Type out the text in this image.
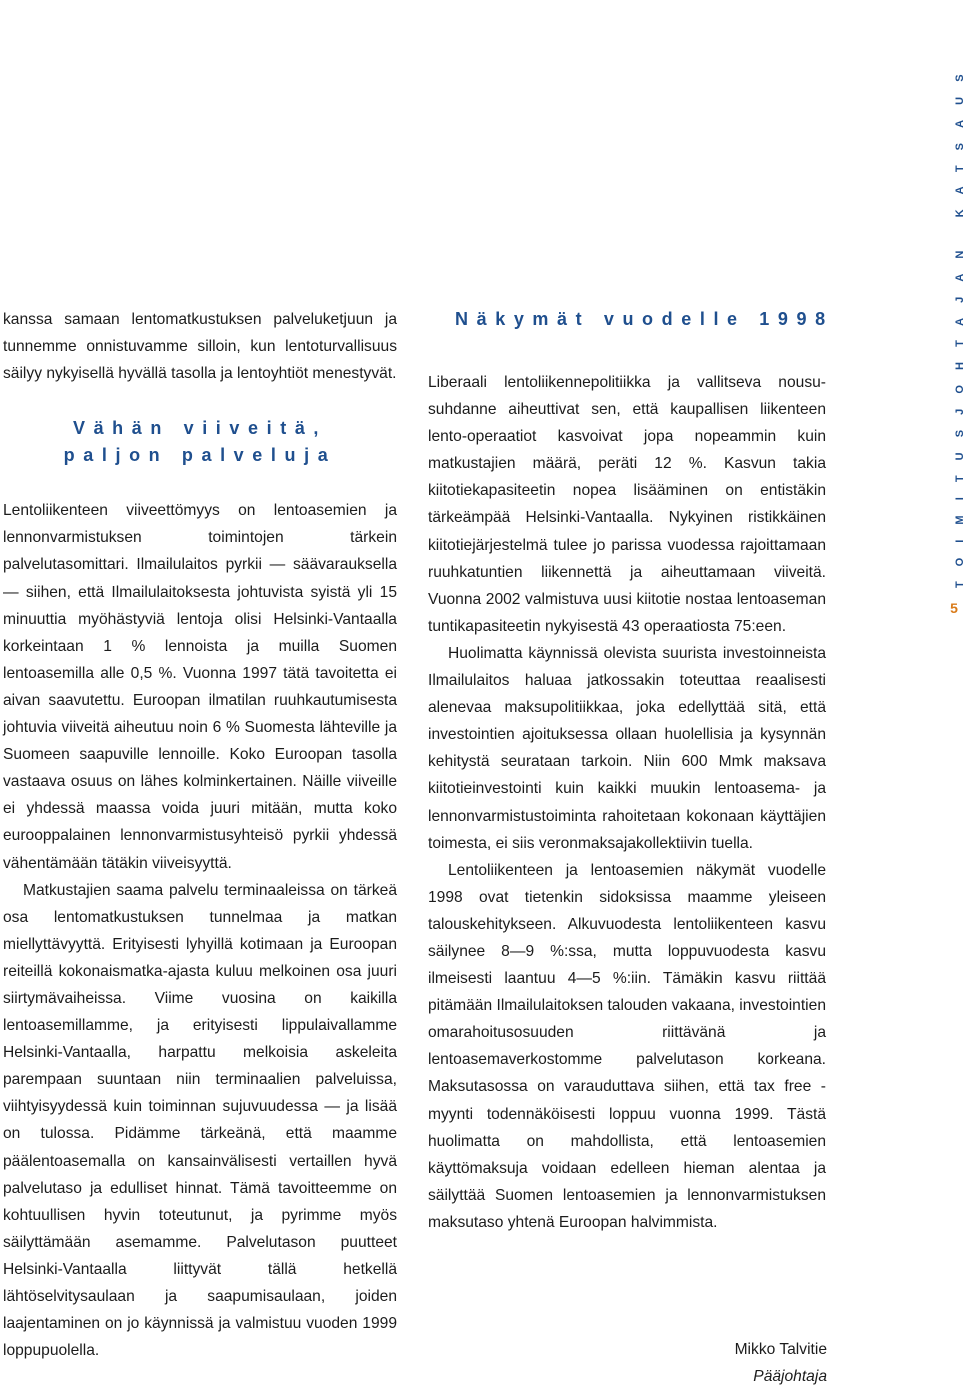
TOIMITUSJOHTAJAN KATSAUS
5

kanssa samaan lentomatkustuksen palveluketjuun ja tunnemme onnistuvamme silloin, kun lentoturvallisuus säilyy nykyisellä hyvällä tasolla ja lentoyhtiöt menestyvät.

Vähän viiveitä,
paljon palveluja

Lentoliikenteen viiveettömyys on lentoasemien ja lennonvarmistuksen toimintojen tärkein palvelutasomittari. Ilmailulaitos pyrkii — säävarauksella — siihen, että Ilmailulaitoksesta johtuvista syistä yli 15 minuuttia myöhästyviä lentoja olisi Helsinki-Vantaalla korkeintaan 1 % lennoista ja muilla Suomen lentoasemilla alle 0,5 %. Vuonna 1997 tätä tavoitetta ei aivan saavutettu. Euroopan ilmatilan ruuhkautumisesta johtuvia viiveitä aiheutuu noin 6 % Suomesta lähteville ja Suomeen saapuville lennoille. Koko Euroopan tasolla vastaava osuus on lähes kolminkertainen. Näille viiveille ei yhdessä maassa voida juuri mitään, mutta koko eurooppalainen lennonvarmistusyhteisö pyrkii yhdessä vähentämään tätäkin viiveisyyttä.

Matkustajien saama palvelu terminaaleissa on tärkeä osa lentomatkustuksen tunnelmaa ja matkan miellyttävyyttä. Erityisesti lyhyillä kotimaan ja Euroopan reiteillä kokonaismatka-ajasta kuluu melkoinen osa juuri siirtymävaiheissa. Viime vuosina on kaikilla lentoasemillamme, ja erityisesti lippulaivallamme Helsinki-Vantaalla, harpattu melkoisia askeleita parempaan suuntaan niin terminaalien palveluissa, viihtyisyydessä kuin toiminnan sujuvuudessa — ja lisää on tulossa. Pidämme tärkeänä, että maamme päälentoasemalla on kansainvälisesti vertaillen hyvä palvelutaso ja edulliset hinnat. Tämä tavoitteemme on kohtuullisen hyvin toteutunut, ja pyrimme myös säilyttämään asemamme. Palvelutason puutteet Helsinki-Vantaalla liittyvät tällä hetkellä lähtöselvitysaulaan ja saapumisaulaan, joiden laajentaminen on jo käynnissä ja valmistuu vuoden 1999 loppupuolella.

Näkymät vuodelle 1998

Liberaali lentoliikennepolitiikka ja vallitseva noususuhdanne aiheuttivat sen, että kaupallisen liikenteen lento-operaatiot kasvoivat jopa nopeammin kuin matkustajien määrä, peräti 12 %. Kasvun takia kiitotiekapasiteetin nopea lisääminen on entistäkin tärkeämpää Helsinki-Vantaalla. Nykyinen ristikkäinen kiitotiejärjestelmä tulee jo parissa vuodessa rajoittamaan ruuhkatuntien liikennettä ja aiheuttamaan viiveitä. Vuonna 2002 valmistuva uusi kiitotie nostaa lentoaseman tuntikapasiteetin nykyisestä 43 operaatiosta 75:een.

Huolimatta käynnissä olevista suurista investoinneista Ilmailulaitos haluaa jatkossakin toteuttaa reaalisesti alenevaa maksupolitiikkaa, joka edellyttää sitä, että investointien ajoituksessa ollaan huolellisia ja kysynnän kehitystä seurataan tarkoin. Niin 600 Mmk maksava kiitotieinvestointi kuin kaikki muukin lentoasema- ja lennonvarmistustoiminta rahoitetaan kokonaan käyttäjien toimesta, ei siis veronmaksajakollektiivin tuella.

Lentoliikenteen ja lentoasemien näkymät vuodelle 1998 ovat tietenkin sidoksissa maamme yleiseen talouskehitykseen. Alkuvuodesta lentoliikenteen kasvu säilynee 8—9 %:ssa, mutta loppuvuodesta kasvu ilmeisesti laantuu 4—5 %:iin. Tämäkin kasvu riittää pitämään Ilmailulaitoksen talouden vakaana, investointien omarahoitusosuuden riittävänä ja lentoasemaverkostomme palvelutason korkeana. Maksutasossa on varauduttava siihen, että tax free -myynti todennäköisesti loppuu vuonna 1999. Tästä huolimatta on mahdollista, että lentoasemien käyttömaksuja voidaan edelleen hieman alentaa ja säilyttää Suomen lentoasemien ja lennonvarmistuksen maksutaso yhtenä Euroopan halvimmista.

Mikko Talvitie
Pääjohtaja
